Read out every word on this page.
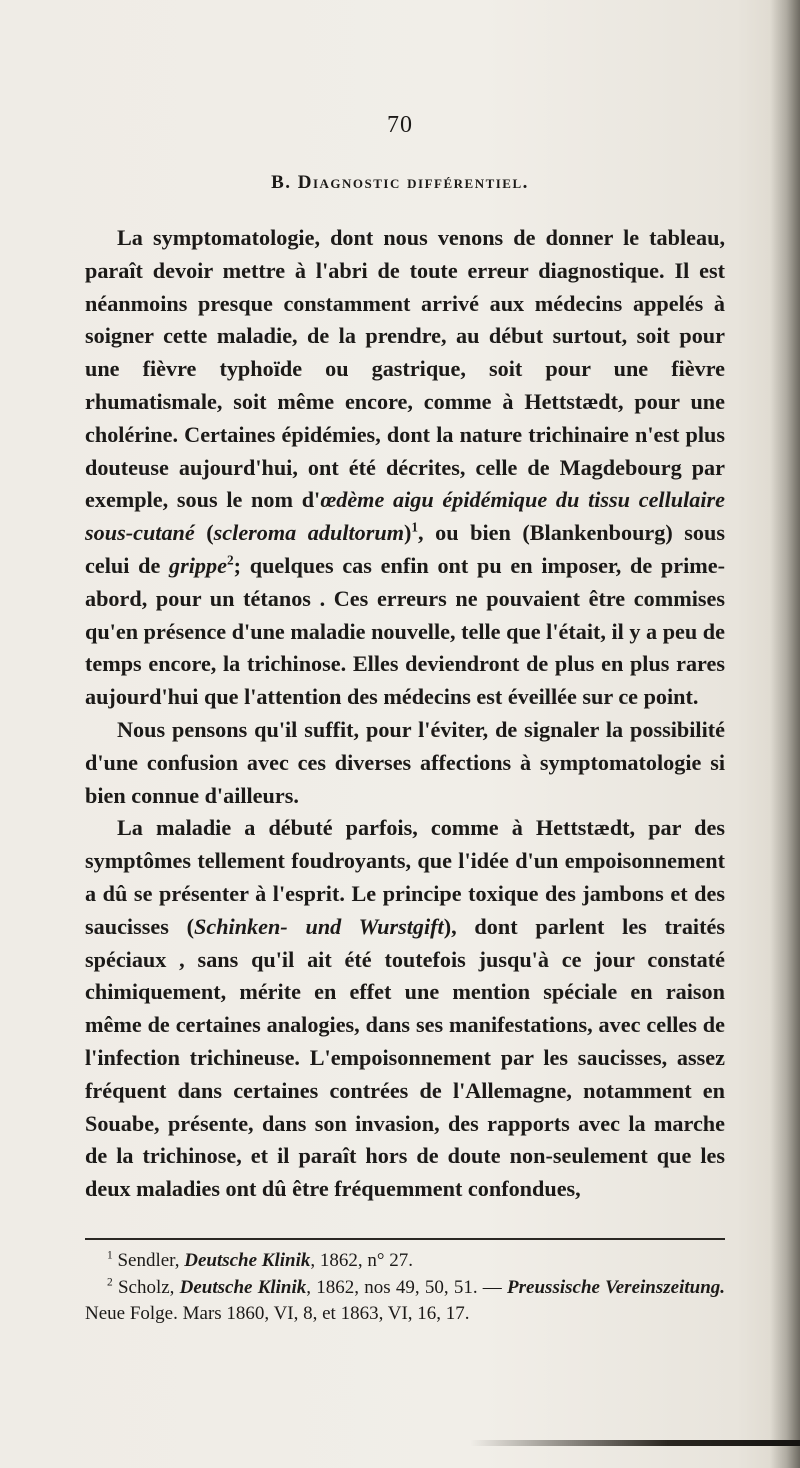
70
B. Diagnostic différentiel.

La symptomatologie, dont nous venons de donner le tableau, paraît devoir mettre à l'abri de toute erreur diagnostique. Il est néanmoins presque constamment arrivé aux médecins appelés à soigner cette maladie, de la prendre, au début surtout, soit pour une fièvre typhoïde ou gastrique, soit pour une fièvre rhumatismale, soit même encore, comme à Hettstædt, pour une cholérine. Certaines épidémies, dont la nature trichinaire n'est plus douteuse aujourd'hui, ont été décrites, celle de Magdebourg par exemple, sous le nom d'œdème aigu épidémique du tissu cellulaire sous-cutané (scleroma adultorum)$^1$, ou bien (Blankenbourg) sous celui de grippe$^2$; quelques cas enfin ont pu en imposer, de prime-abord, pour un tétanos . Ces erreurs ne pouvaient être commises qu'en présence d'une maladie nouvelle, telle que l'était, il y a peu de temps encore, la trichinose. Elles deviendront de plus en plus rares aujourd'hui que l'attention des médecins est éveillée sur ce point.

Nous pensons qu'il suffit, pour l'éviter, de signaler la possibilité d'une confusion avec ces diverses affections à symptomatologie si bien connue d'ailleurs.

La maladie a débuté parfois, comme à Hettstædt, par des symptômes tellement foudroyants, que l'idée d'un empoisonnement a dû se présenter à l'esprit. Le principe toxique des jambons et des saucisses (Schinken- und Wurstgift), dont parlent les traités spéciaux , sans qu'il ait été toutefois jusqu'à ce jour constaté chimiquement, mérite en effet une mention spéciale en raison même de certaines analogies, dans ses manifestations, avec celles de l'infection trichineuse. L'empoisonnement par les saucisses, assez fréquent dans certaines contrées de l'Allemagne, notamment en Souabe, présente, dans son invasion, des rapports avec la marche de la trichinose, et il paraît hors de doute non-seulement que les deux maladies ont dû être fréquemment confondues,

$^1$ Sendler, Deutsche Klinik, 1862, n° 27.

$^2$ Scholz, Deutsche Klinik, 1862, nos 49, 50, 51. — Preussische Vereinszeitung. Neue Folge. Mars 1860, VI, 8, et 1863, VI, 16, 17.
